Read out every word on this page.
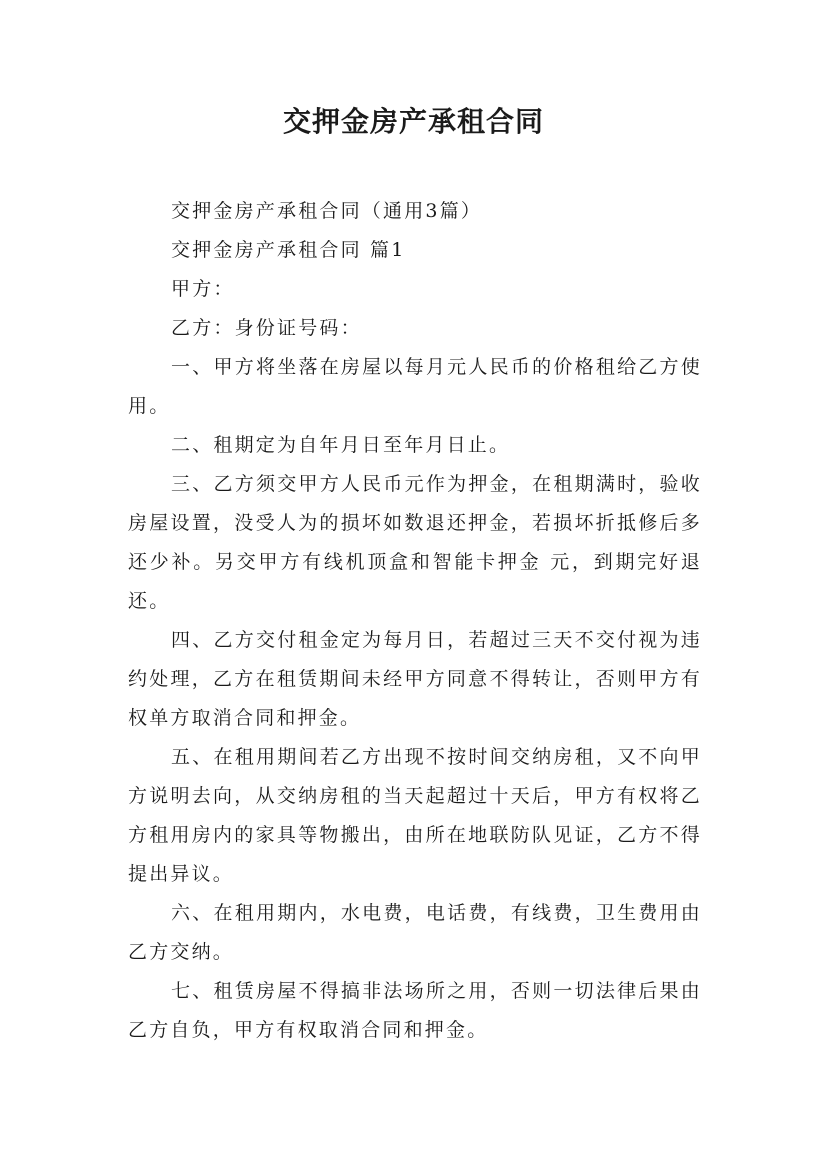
交押金房产承租合同

交押金房产承租合同（通用3篇）

交押金房产承租合同 篇1

甲方：

乙方：身份证号码：

一、甲方将坐落在房屋以每月元人民币的价格租给乙方使用。

二、租期定为自年月日至年月日止。

三、乙方须交甲方人民币元作为押金，在租期满时，验收房屋设置，没受人为的损坏如数退还押金，若损坏折抵修后多还少补。另交甲方有线机顶盒和智能卡押金 元，到期完好退还。

四、乙方交付租金定为每月日，若超过三天不交付视为违约处理，乙方在租赁期间未经甲方同意不得转让，否则甲方有权单方取消合同和押金。

五、在租用期间若乙方出现不按时间交纳房租，又不向甲方说明去向，从交纳房租的当天起超过十天后，甲方有权将乙方租用房内的家具等物搬出，由所在地联防队见证，乙方不得提出异议。

六、在租用期内，水电费，电话费，有线费，卫生费用由乙方交纳。

七、租赁房屋不得搞非法场所之用，否则一切法律后果由乙方自负，甲方有权取消合同和押金。
